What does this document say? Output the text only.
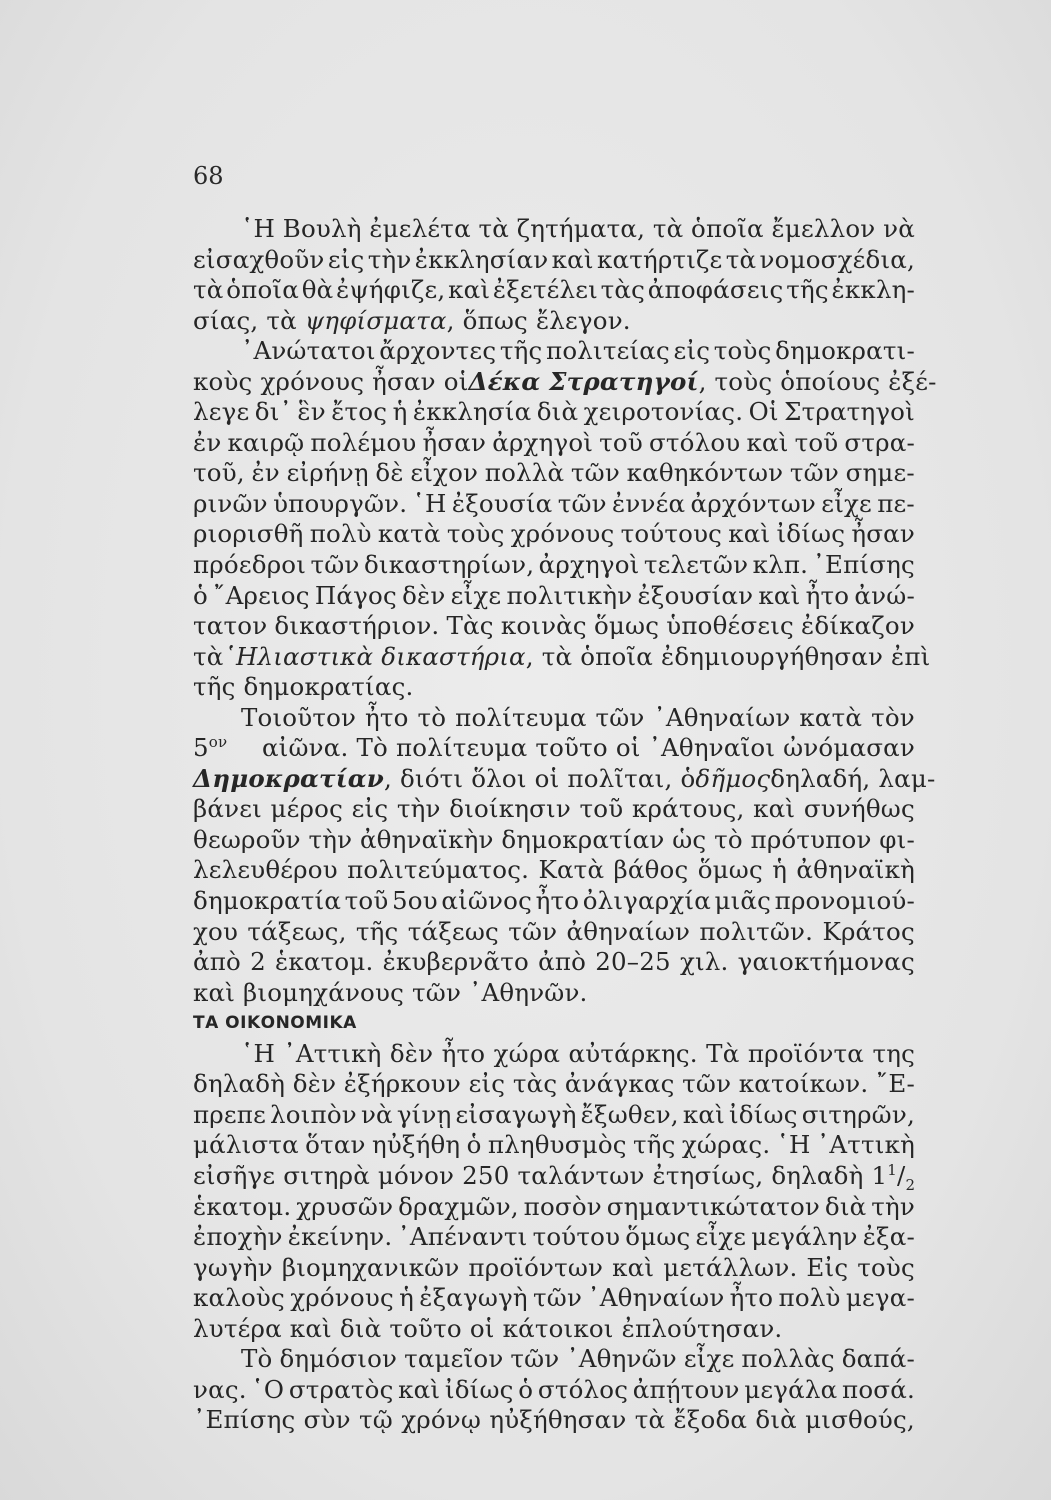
68
῾Η Βουλὴ ἐμελέτα τὰ ζητήματα, τὰ ὁποῖα ἔμελλον νὰ
εἰσαχθοῦν εἰς τὴν ἐκκλησίαν καὶ κατήρτιζε τὰ νομοσχέδια,
τὰ ὁποῖα θὰ ἐψήφιζε, καὶ ἐξετέλει τὰς ἀποφάσεις τῆς ἐκκλη-
σίας, τὰ
ψηφίσματα , ὅπως ἔλεγον.
᾿Ανώτατοι ἄρχοντες τῆς πολιτείας εἰς τοὺς δημοκρατι-
κοὺς χρόνους ἦσαν οἱ Δέκα Στρατηγοί , τοὺς ὁποίους ἐξέ-
λεγε δι᾿ ἓν ἔτος ἡ ἐκκλησία διὰ χειροτονίας. Οἱ Στρατηγοὶ
ἐν καιρῷ πολέμου ἦσαν ἀρχηγοὶ τοῦ στόλου καὶ τοῦ στρα-
τοῦ, ἐν εἰρήνῃ δὲ εἶχον πολλὰ τῶν καθηκόντων τῶν σημε-
ρινῶν ὑπουργῶν. ῾Η ἐξουσία τῶν ἐννέα ἀρχόντων εἶχε πε-
ριορισθῆ πολὺ κατὰ τοὺς χρόνους τούτους καὶ ἰδίως ἦσαν
πρόεδροι τῶν δικαστηρίων, ἀρχηγοὶ τελετῶν κλπ. ᾿Επίσης
ὁ ῎Αρειος Πάγος δὲν εἶχε πολιτικὴν ἐξουσίαν καὶ ἦτο ἀνώ-
τατον δικαστήριον. Τὰς κοινὰς ὅμως ὑποθέσεις ἐδίκαζον
τὰ ῾Ηλιαστικὰ δικαστήρια , τὰ ὁποῖα ἐδημιουργήθησαν ἐπὶ
τῆς δημοκρατίας.
Τοιοῦτον ἦτο τὸ πολίτευμα τῶν ᾿Αθηναίων κατὰ τὸν
$5^{o\nu}$ αἰῶνα. Τὸ πολίτευμα τοῦτο οἱ ᾿Αθηναῖοι ὠνόμασαν
Δημοκρατίαν , διότι ὅλοι οἱ πολῖται, ὁ δῆμος δηλαδή, λαμ-
βάνει μέρος εἰς τὴν διοίκησιν τοῦ κράτους, καὶ συνήθως
θεωροῦν τὴν ἀθηναϊκὴν δημοκρατίαν ὡς τὸ πρότυπον φι-
λελευθέρου πολιτεύματος. Κατὰ βάθος ὅμως ἡ ἀθηναϊκὴ
δημοκρατία τοῦ 5ου αἰῶνος ἦτο ὀλιγαρχία μιᾶς προνομιού-
χου τάξεως, τῆς τάξεως τῶν ἀθηναίων πολιτῶν. Κράτος
ἀπὸ 2 ἑκατομ. ἐκυβερνᾶτο ἀπὸ 20–25 χιλ. γαιοκτήμονας
καὶ βιομηχάνους τῶν ᾿Αθηνῶν.
ΤΑ ΟΙΚΟΝΟΜΙΚΑ
῾Η ᾿Αττικὴ δὲν ἦτο χώρα αὐτάρκης. Τὰ προϊόντα της
δηλαδὴ δὲν ἐξήρκουν εἰς τὰς ἀνάγκας τῶν κατοίκων. ῎Ε-
πρεπε λοιπὸν νὰ γίνῃ εἰσαγωγὴ ἔξωθεν, καὶ ἰδίως σιτηρῶν,
μάλιστα ὅταν ηὐξήθη ὁ πληθυσμὸς τῆς χώρας. ῾Η ᾿Αττικὴ
εἰσῆγε σιτηρὰ μόνον 250 ταλάντων ἐτησίως, δηλαδὴ 1 $^1/_2$
ἑκατομ. χρυσῶν δραχμῶν, ποσὸν σημαντικώτατον διὰ τὴν
ἐποχὴν ἐκείνην. ᾿Απέναντι τούτου ὅμως εἶχε μεγάλην ἐξα-
γωγὴν βιομηχανικῶν προϊόντων καὶ μετάλλων. Εἰς τοὺς
καλοὺς χρόνους ἡ ἐξαγωγὴ τῶν ᾿Αθηναίων ἦτο πολὺ μεγα-
λυτέρα καὶ διὰ τοῦτο οἱ κάτοικοι ἐπλούτησαν.
Τὸ δημόσιον ταμεῖον τῶν ᾿Αθηνῶν εἶχε πολλὰς δαπά-
νας. ῾Ο στρατὸς καὶ ἰδίως ὁ στόλος ἀπῄτουν μεγάλα ποσά.
᾿Επίσης σὺν τῷ χρόνῳ ηὐξήθησαν τὰ ἔξοδα διὰ μισθούς,
